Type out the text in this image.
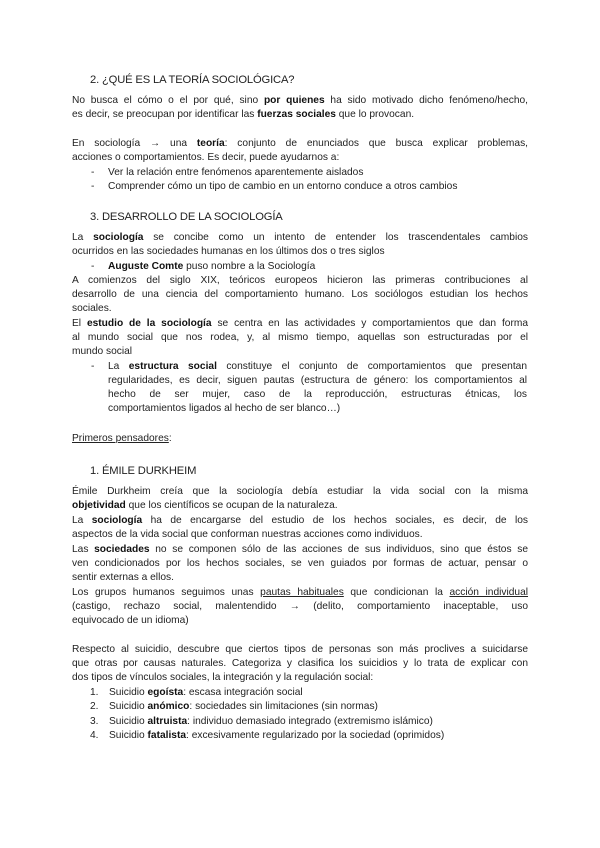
2. ¿QUÉ ES LA TEORÍA SOCIOLÓGICA?
No busca el cómo o el por qué, sino por quienes ha sido motivado dicho fenómeno/hecho,
es decir, se preocupan por identificar las fuerzas sociales que lo provocan.
En sociología → una teoría: conjunto de enunciados que busca explicar problemas,
acciones o comportamientos. Es decir, puede ayudarnos a:
- Ver la relación entre fenómenos aparentemente aislados
- Comprender cómo un tipo de cambio en un entorno conduce a otros cambios
3. DESARROLLO DE LA SOCIOLOGÍA
La sociología se concibe como un intento de entender los trascendentales cambios
ocurridos en las sociedades humanas en los últimos dos o tres siglos
- Auguste Comte puso nombre a la Sociología
A comienzos del siglo XIX, teóricos europeos hicieron las primeras contribuciones al
desarrollo de una ciencia del comportamiento humano. Los sociólogos estudian los hechos
sociales.
El estudio de la sociología se centra en las actividades y comportamientos que dan forma
al mundo social que nos rodea, y, al mismo tiempo, aquellas son estructuradas por el
mundo social
- La estructura social constituye el conjunto de comportamientos que presentan
regularidades, es decir, siguen pautas (estructura de género: los comportamientos al
hecho de ser mujer, caso de la reproducción, estructuras étnicas, los
comportamientos ligados al hecho de ser blanco…)
Primeros pensadores:
1. ÉMILE DURKHEIM
Émile Durkheim creía que la sociología debía estudiar la vida social con la misma
objetividad que los científicos se ocupan de la naturaleza.
La sociología ha de encargarse del estudio de los hechos sociales, es decir, de los
aspectos de la vida social que conforman nuestras acciones como individuos.
Las sociedades no se componen sólo de las acciones de sus individuos, sino que éstos se
ven condicionados por los hechos sociales, se ven guiados por formas de actuar, pensar o
sentir externas a ellos.
Los grupos humanos seguimos unas pautas habituales que condicionan la acción individual
(castigo, rechazo social, malentendido → (delito, comportamiento inaceptable, uso
equivocado de un idioma)
Respecto al suicidio, descubre que ciertos tipos de personas son más proclives a suicidarse
que otras por causas naturales. Categoriza y clasifica los suicidios y lo trata de explicar con
dos tipos de vínculos sociales, la integración y la regulación social:
1. Suicidio egoísta: escasa integración social
2. Suicidio anómico: sociedades sin limitaciones (sin normas)
3. Suicidio altruista: individuo demasiado integrado (extremismo islámico)
4. Suicidio fatalista: excesivamente regularizado por la sociedad (oprimidos)
